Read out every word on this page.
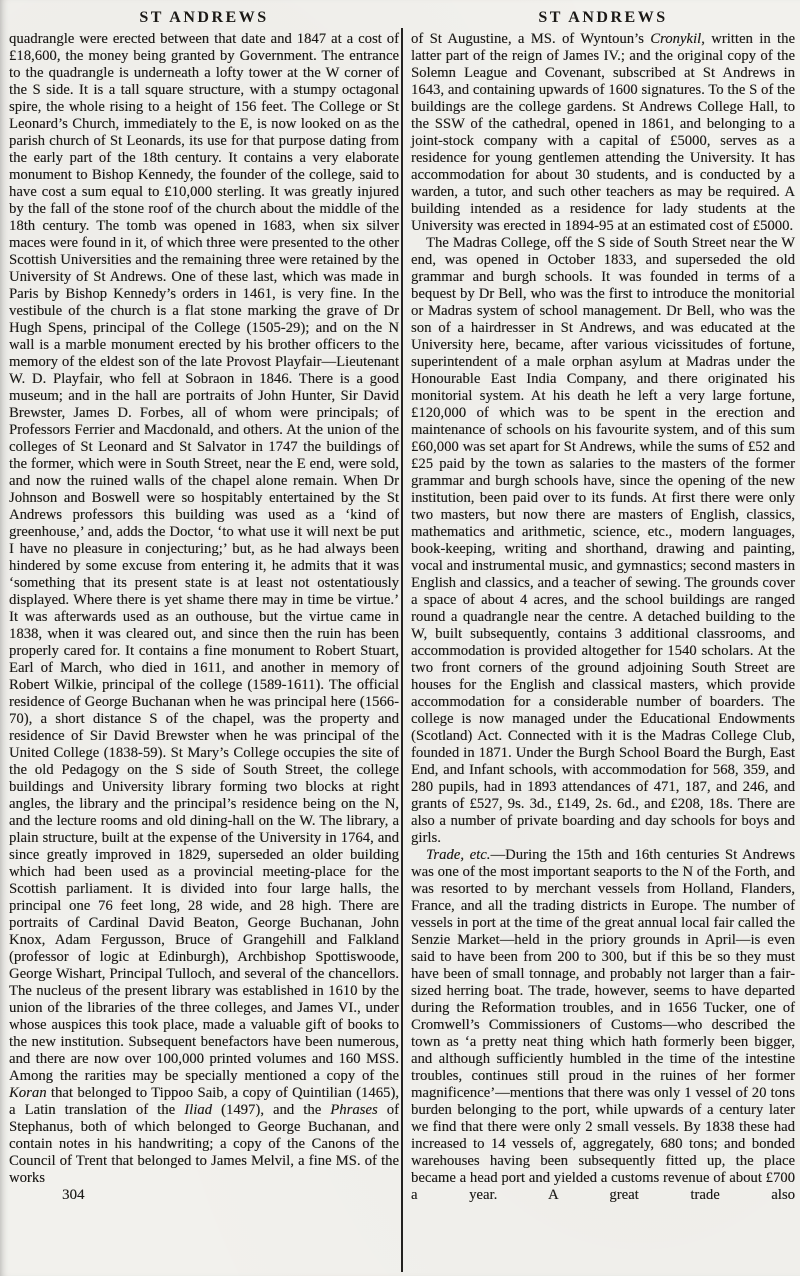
ST ANDREWS

quadrangle were erected between that date and 1847 at a cost of £18,600, the money being granted by Government. The entrance to the quadrangle is underneath a lofty tower at the W corner of the S side. It is a tall square structure, with a stumpy octagonal spire, the whole rising to a height of 156 feet. The College or St Leonard’s Church, immediately to the E, is now looked on as the parish church of St Leonards, its use for that purpose dating from the early part of the 18th century. It contains a very elaborate monument to Bishop Kennedy, the founder of the college, said to have cost a sum equal to £10,000 sterling. It was greatly injured by the fall of the stone roof of the church about the middle of the 18th century. The tomb was opened in 1683, when six silver maces were found in it, of which three were presented to the other Scottish Universities and the remaining three were retained by the University of St Andrews. One of these last, which was made in Paris by Bishop Kennedy’s orders in 1461, is very fine. In the vestibule of the church is a flat stone marking the grave of Dr Hugh Spens, principal of the College (1505-29); and on the N wall is a marble monument erected by his brother officers to the memory of the eldest son of the late Provost Playfair—Lieutenant W. D. Playfair, who fell at Sobraon in 1846. There is a good museum; and in the hall are portraits of John Hunter, Sir David Brewster, James D. Forbes, all of whom were principals; of Professors Ferrier and Macdonald, and others. At the union of the colleges of St Leonard and St Salvator in 1747 the buildings of the former, which were in South Street, near the E end, were sold, and now the ruined walls of the chapel alone remain. When Dr Johnson and Boswell were so hospitably entertained by the St Andrews professors this building was used as a ‘kind of greenhouse,’ and, adds the Doctor, ‘to what use it will next be put I have no pleasure in conjecturing;’ but, as he had always been hindered by some excuse from entering it, he admits that it was ‘something that its present state is at least not ostentatiously displayed. Where there is yet shame there may in time be virtue.’ It was afterwards used as an outhouse, but the virtue came in 1838, when it was cleared out, and since then the ruin has been properly cared for. It contains a fine monument to Robert Stuart, Earl of March, who died in 1611, and another in memory of Robert Wilkie, principal of the college (1589-1611). The official residence of George Buchanan when he was principal here (1566-70), a short distance S of the chapel, was the property and residence of Sir David Brewster when he was principal of the United College (1838-59). St Mary’s College occupies the site of the old Pedagogy on the S side of South Street, the college buildings and University library forming two blocks at right angles, the library and the principal’s residence being on the N, and the lecture rooms and old dining-hall on the W. The library, a plain structure, built at the expense of the University in 1764, and since greatly improved in 1829, superseded an older building which had been used as a provincial meeting-place for the Scottish parliament. It is divided into four large halls, the principal one 76 feet long, 28 wide, and 28 high. There are portraits of Cardinal David Beaton, George Buchanan, John Knox, Adam Fergusson, Bruce of Grangehill and Falkland (professor of logic at Edinburgh), Archbishop Spottiswoode, George Wishart, Principal Tulloch, and several of the chancellors. The nucleus of the present library was established in 1610 by the union of the libraries of the three colleges, and James VI., under whose auspices this took place, made a valuable gift of books to the new institution. Subsequent benefactors have been numerous, and there are now over 100,000 printed volumes and 160 MSS. Among the rarities may be specially mentioned a copy of the Koran that belonged to Tippoo Saib, a copy of Quintilian (1465), a Latin translation of the Iliad (1497), and the Phrases of Stephanus, both of which belonged to George Buchanan, and contain notes in his handwriting; a copy of the Canons of the Council of Trent that belonged to James Melvil, a fine MS. of the works

304
ST ANDREWS

of St Augustine, a MS. of Wyntoun’s Cronykil, written in the latter part of the reign of James IV.; and the original copy of the Solemn League and Covenant, subscribed at St Andrews in 1643, and containing upwards of 1600 signatures. To the S of the buildings are the college gardens. St Andrews College Hall, to the SSW of the cathedral, opened in 1861, and belonging to a joint-stock company with a capital of £5000, serves as a residence for young gentlemen attending the University. It has accommodation for about 30 students, and is conducted by a warden, a tutor, and such other teachers as may be required. A building intended as a residence for lady students at the University was erected in 1894-95 at an estimated cost of £5000.

The Madras College, off the S side of South Street near the W end, was opened in October 1833, and superseded the old grammar and burgh schools. It was founded in terms of a bequest by Dr Bell, who was the first to introduce the monitorial or Madras system of school management. Dr Bell, who was the son of a hairdresser in St Andrews, and was educated at the University here, became, after various vicissitudes of fortune, superintendent of a male orphan asylum at Madras under the Honourable East India Company, and there originated his monitorial system. At his death he left a very large fortune, £120,000 of which was to be spent in the erection and maintenance of schools on his favourite system, and of this sum £60,000 was set apart for St Andrews, while the sums of £52 and £25 paid by the town as salaries to the masters of the former grammar and burgh schools have, since the opening of the new institution, been paid over to its funds. At first there were only two masters, but now there are masters of English, classics, mathematics and arithmetic, science, etc., modern languages, book-keeping, writing and shorthand, drawing and painting, vocal and instrumental music, and gymnastics; second masters in English and classics, and a teacher of sewing. The grounds cover a space of about 4 acres, and the school buildings are ranged round a quadrangle near the centre. A detached building to the W, built subsequently, contains 3 additional classrooms, and accommodation is provided altogether for 1540 scholars. At the two front corners of the ground adjoining South Street are houses for the English and classical masters, which provide accommodation for a considerable number of boarders. The college is now managed under the Educational Endowments (Scotland) Act. Connected with it is the Madras College Club, founded in 1871. Under the Burgh School Board the Burgh, East End, and Infant schools, with accommodation for 568, 359, and 280 pupils, had in 1893 attendances of 471, 187, and 246, and grants of £527, 9s. 3d., £149, 2s. 6d., and £208, 18s. There are also a number of private boarding and day schools for boys and girls.

Trade, etc.—During the 15th and 16th centuries St Andrews was one of the most important seaports to the N of the Forth, and was resorted to by merchant vessels from Holland, Flanders, France, and all the trading districts in Europe. The number of vessels in port at the time of the great annual local fair called the Senzie Market—held in the priory grounds in April—is even said to have been from 200 to 300, but if this be so they must have been of small tonnage, and probably not larger than a fair-sized herring boat. The trade, however, seems to have departed during the Reformation troubles, and in 1656 Tucker, one of Cromwell’s Commissioners of Customs—who described the town as ‘a pretty neat thing which hath formerly been bigger, and although sufficiently humbled in the time of the intestine troubles, continues still proud in the ruines of her former magnificence’—mentions that there was only 1 vessel of 20 tons burden belonging to the port, while upwards of a century later we find that there were only 2 small vessels. By 1838 these had increased to 14 vessels of, aggregately, 680 tons; and bonded warehouses having been subsequently fitted up, the place became a head port and yielded a customs revenue of about £700 a year. A great trade also
